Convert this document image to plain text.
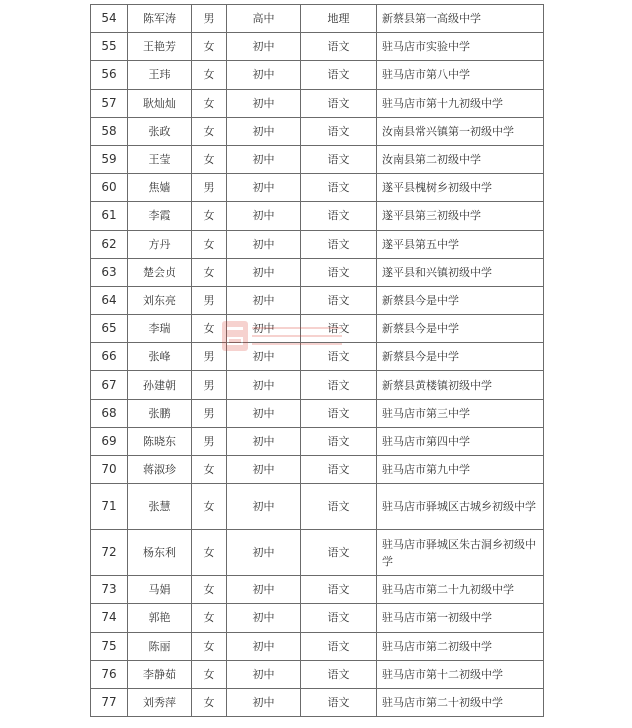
54	陈军涛	男	高中	地理	新蔡县第一高级中学
55	王艳芳	女	初中	语文	驻马店市实验中学
56	王玮	女	初中	语文	驻马店市第八中学
57	耿灿灿	女	初中	语文	驻马店市第十九初级中学
58	张政	女	初中	语文	汝南县常兴镇第一初级中学
59	王莹	女	初中	语文	汝南县第二初级中学
60	焦嫱	男	初中	语文	遂平县槐树乡初级中学
61	李霞	女	初中	语文	遂平县第三初级中学
62	方丹	女	初中	语文	遂平县第五中学
63	楚会贞	女	初中	语文	遂平县和兴镇初级中学
64	刘东亮	男	初中	语文	新蔡县今是中学
65	李瑞	女	初中	语文	新蔡县今是中学
66	张峰	男	初中	语文	新蔡县今是中学
67	孙建朝	男	初中	语文	新蔡县黄楼镇初级中学
68	张鹏	男	初中	语文	驻马店市第三中学
69	陈晓东	男	初中	语文	驻马店市第四中学
70	蒋淑珍	女	初中	语文	驻马店市第九中学
71	张慧	女	初中	语文	驻马店市驿城区古城乡初级中学
72	杨东利	女	初中	语文	驻马店市驿城区朱古洞乡初级中学
73	马娟	女	初中	语文	驻马店市第二十九初级中学
74	郭艳	女	初中	语文	驻马店市第一初级中学
75	陈丽	女	初中	语文	驻马店市第二初级中学
76	李静茹	女	初中	语文	驻马店市第十二初级中学
77	刘秀萍	女	初中	语文	驻马店市第二十初级中学
